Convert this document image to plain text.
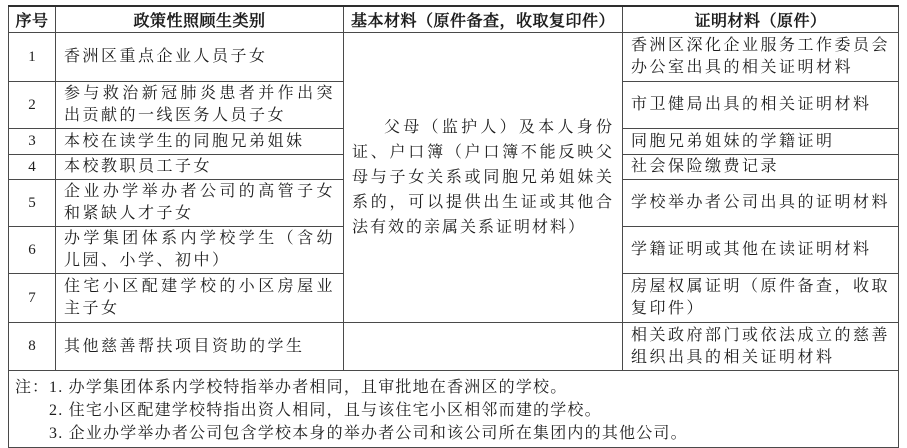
序号	政策性照顾生类别	基本材料（原件备查，收取复印件）	证明材料（原件）
1	香洲区重点企业人员子女	父母（监护人）及本人身份证、户口簿（户口簿不能反映父母与子女关系或同胞兄弟姐妹关系的，可以提供出生证或其他合法有效的亲属关系证明材料）	香洲区深化企业服务工作委员会办公室出具的相关证明材料
2	参与救治新冠肺炎患者并作出突出贡献的一线医务人员子女		市卫健局出具的相关证明材料
3	本校在读学生的同胞兄弟姐妹		同胞兄弟姐妹的学籍证明
4	本校教职员工子女		社会保险缴费记录
5	企业办学举办者公司的高管子女和紧缺人才子女		学校举办者公司出具的证明材料
6	办学集团体系内学校学生（含幼儿园、小学、初中）		学籍证明或其他在读证明材料
7	住宅小区配建学校的小区房屋业主子女		房屋权属证明（原件备查，收取复印件）
8	其他慈善帮扶项目资助的学生		相关政府部门或依法成立的慈善组织出具的相关证明材料

注： 1. 办学集团体系内学校特指举办者相同，且审批地在香洲区的学校。
2. 住宅小区配建学校特指出资人相同，且与该住宅小区相邻而建的学校。
3. 企业办学举办者公司包含学校本身的举办者公司和该公司所在集团内的其他公司。			
